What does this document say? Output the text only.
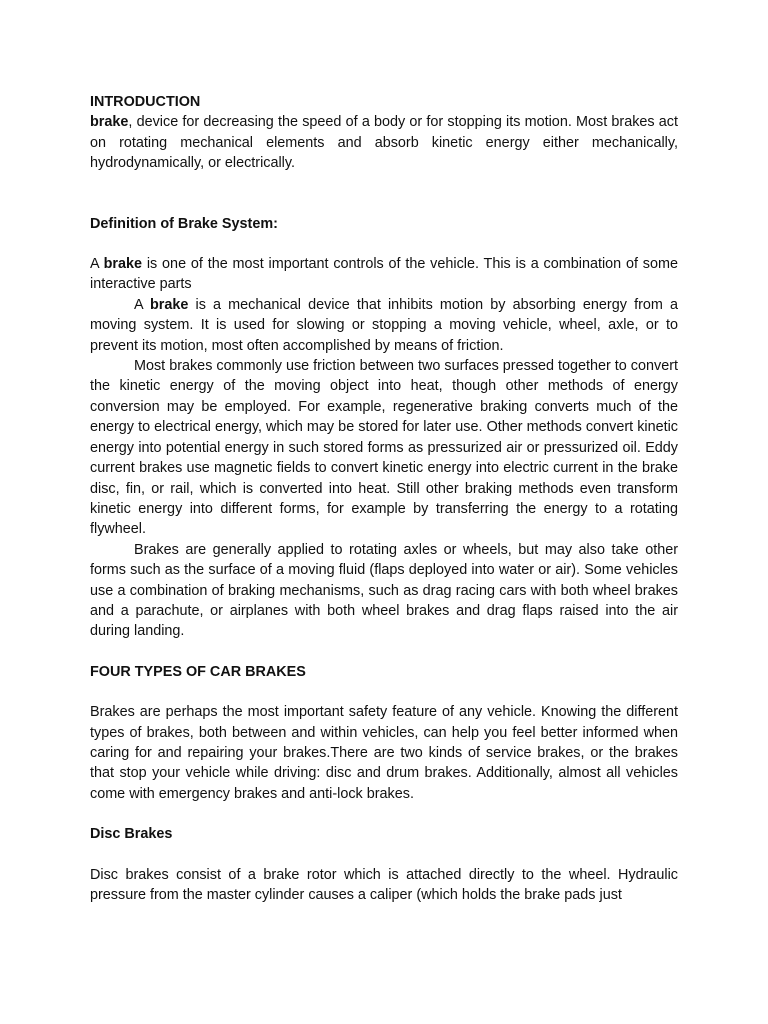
INTRODUCTION

brake, device for decreasing the speed of a body or for stopping its motion. Most brakes act on rotating mechanical elements and absorb kinetic energy either mechanically, hydrodynamically, or electrically.

Definition of Brake System:

A brake is one of the most important controls of the vehicle. This is a combination of some interactive parts

A brake is a mechanical device that inhibits motion by absorbing energy from a moving system. It is used for slowing or stopping a moving vehicle, wheel, axle, or to prevent its motion, most often accomplished by means of friction.

Most brakes commonly use friction between two surfaces pressed together to convert the kinetic energy of the moving object into heat, though other methods of energy conversion may be employed. For example, regenerative braking converts much of the energy to electrical energy, which may be stored for later use. Other methods convert kinetic energy into potential energy in such stored forms as pressurized air or pressurized oil. Eddy current brakes use magnetic fields to convert kinetic energy into electric current in the brake disc, fin, or rail, which is converted into heat. Still other braking methods even transform kinetic energy into different forms, for example by transferring the energy to a rotating flywheel.

Brakes are generally applied to rotating axles or wheels, but may also take other forms such as the surface of a moving fluid (flaps deployed into water or air). Some vehicles use a combination of braking mechanisms, such as drag racing cars with both wheel brakes and a parachute, or airplanes with both wheel brakes and drag flaps raised into the air during landing.

FOUR TYPES OF CAR BRAKES

Brakes are perhaps the most important safety feature of any vehicle. Knowing the different types of brakes, both between and within vehicles, can help you feel better informed when caring for and repairing your brakes.There are two kinds of service brakes, or the brakes that stop your vehicle while driving: disc and drum brakes. Additionally, almost all vehicles come with emergency brakes and anti-lock brakes.

Disc Brakes

Disc brakes consist of a brake rotor which is attached directly to the wheel. Hydraulic pressure from the master cylinder causes a caliper (which holds the brake pads just
